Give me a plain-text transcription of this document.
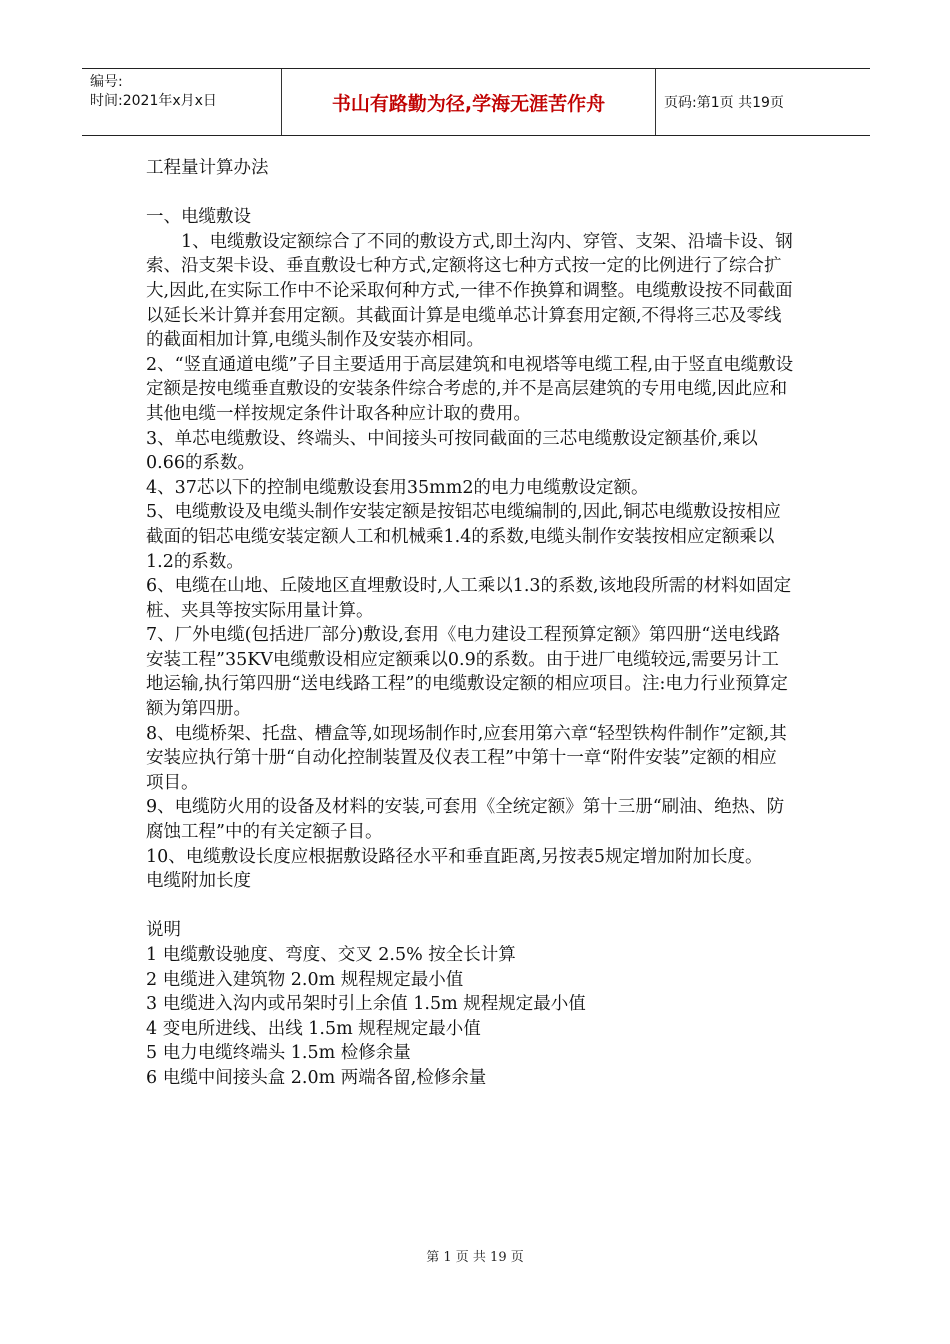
编号:
时间:2021年x月x日	书山有路勤为径,学海无涯苦作舟	页码:第1页 共19页

工程量计算办法

一、电缆敷设

1、电缆敷设定额综合了不同的敷设方式,即土沟内、穿管、支架、沿墙卡设、钢索、沿支架卡设、垂直敷设七种方式,定额将这七种方式按一定的比例进行了综合扩大,因此,在实际工作中不论采取何种方式,一律不作换算和调整。电缆敷设按不同截面以延长米计算并套用定额。其截面计算是电缆单芯计算套用定额,不得将三芯及零线的截面相加计算,电缆头制作及安装亦相同。

2、“竖直通道电缆”子目主要适用于高层建筑和电视塔等电缆工程,由于竖直电缆敷设定额是按电缆垂直敷设的安装条件综合考虑的,并不是高层建筑的专用电缆,因此应和其他电缆一样按规定条件计取各种应计取的费用。

3、单芯电缆敷设、终端头、中间接头可按同截面的三芯电缆敷设定额基价,乘以0.66的系数。

4、37芯以下的控制电缆敷设套用35mm2的电力电缆敷设定额。

5、电缆敷设及电缆头制作安装定额是按铝芯电缆编制的,因此,铜芯电缆敷设按相应截面的铝芯电缆安装定额人工和机械乘1.4的系数,电缆头制作安装按相应定额乘以1.2的系数。

6、电缆在山地、丘陵地区直埋敷设时,人工乘以1.3的系数,该地段所需的材料如固定桩、夹具等按实际用量计算。

7、厂外电缆(包括进厂部分)敷设,套用《电力建设工程预算定额》第四册“送电线路安装工程”35KV电缆敷设相应定额乘以0.9的系数。由于进厂电缆较远,需要另计工地运输,执行第四册“送电线路工程”的电缆敷设定额的相应项目。注:电力行业预算定额为第四册。

8、电缆桥架、托盘、槽盒等,如现场制作时,应套用第六章“轻型铁构件制作”定额,其安装应执行第十册“自动化控制装置及仪表工程”中第十一章“附件安装”定额的相应项目。

9、电缆防火用的设备及材料的安装,可套用《全统定额》第十三册“刷油、绝热、防腐蚀工程”中的有关定额子目。

10、电缆敷设长度应根据敷设路径水平和垂直距离,另按表5规定增加附加长度。

电缆附加长度

说明

1 电缆敷设驰度、弯度、交叉 2.5% 按全长计算

2 电缆进入建筑物 2.0m 规程规定最小值

3 电缆进入沟内或吊架时引上余值 1.5m 规程规定最小值

4 变电所进线、出线 1.5m 规程规定最小值

5 电力电缆终端头 1.5m 检修余量

6 电缆中间接头盒 2.0m 两端各留,检修余量

第 1 页 共 19 页
